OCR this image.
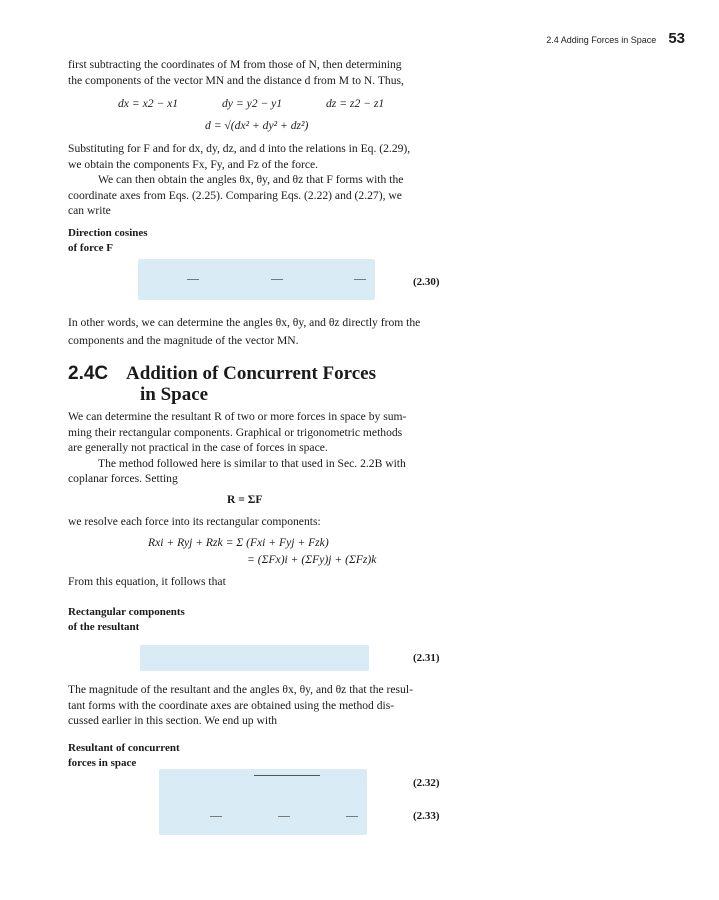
2.4 Adding Forces in Space 53
first subtracting the coordinates of M from those of N, then determining
the components of the vector MN and the distance d from M to N. Thus,
dx = x2 − x1	dy = y2 − y1	dz = z2 − z1
d = √(dx² + dy² + dz²)
Substituting for F and for dx, dy, dz, and d into the relations in Eq. (2.29),
we obtain the components Fx, Fy, and Fz of the force.
We can then obtain the angles θx, θy, and θz that F forms with the
coordinate axes from Eqs. (2.25). Comparing Eqs. (2.22) and (2.27), we
can write
Direction cosines
of force F
(2.30)
In other words, we can determine the angles θx, θy, and θz directly from the
components and the magnitude of the vector MN.
2.4C Addition of Concurrent Forces
in Space
We can determine the resultant R of two or more forces in space by sum-
ming their rectangular components. Graphical or trigonometric methods
are generally not practical in the case of forces in space.
The method followed here is similar to that used in Sec. 2.2B with
coplanar forces. Setting
R = ΣF
we resolve each force into its rectangular components:
Rxi + Ryj + Rzk = Σ (Fxi + Fyj + Fzk)
= (ΣFx)i + (ΣFy)j + (ΣFz)k
From this equation, it follows that
Rectangular components
of the resultant
(2.31)
The magnitude of the resultant and the angles θx, θy, and θz that the resul-
tant forms with the coordinate axes are obtained using the method dis-
cussed earlier in this section. We end up with
Resultant of concurrent
forces in space
(2.32)
(2.33)
